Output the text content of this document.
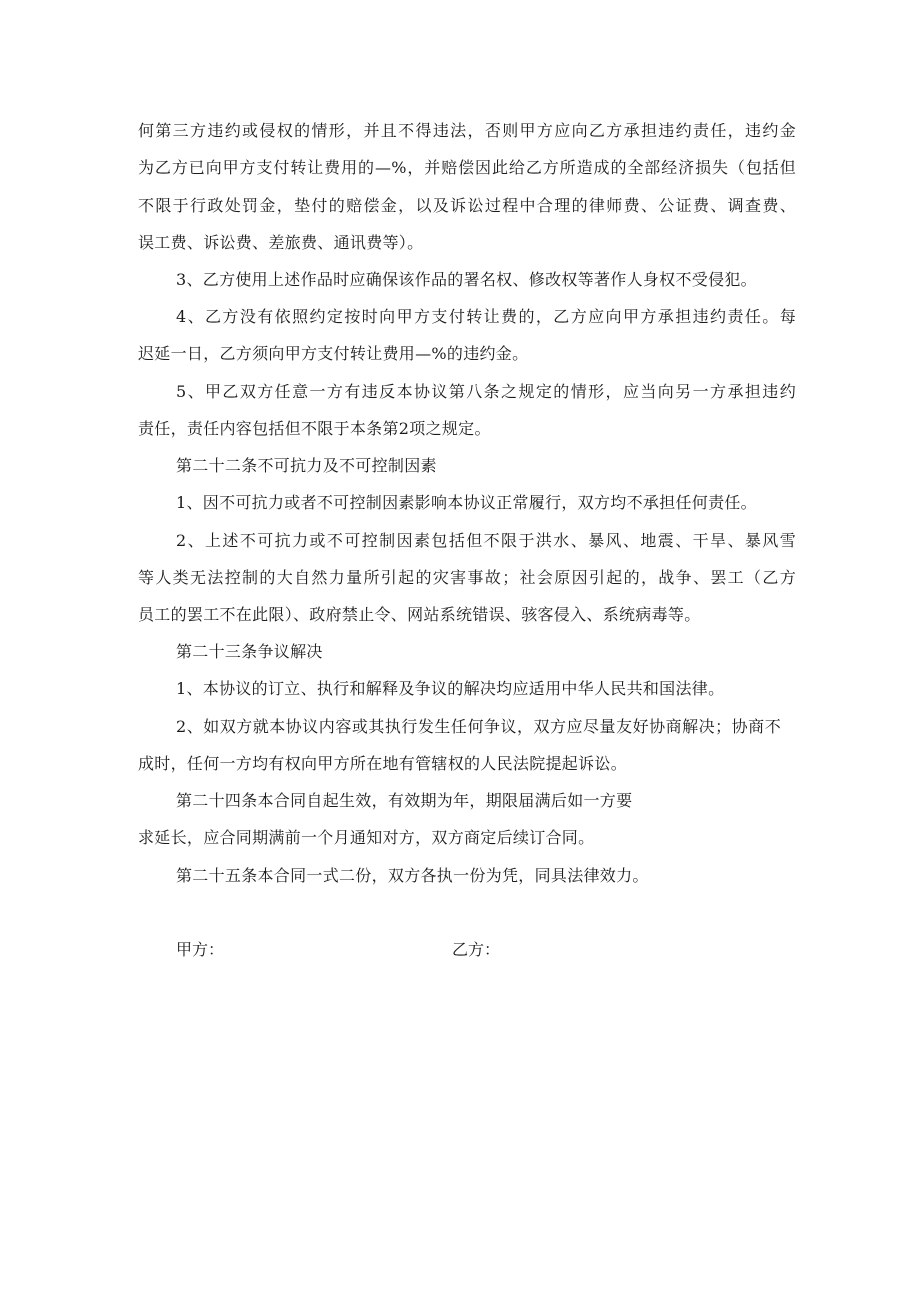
何第三方违约或侵权的情形，并且不得违法，否则甲方应向乙方承担违约责任，违约金
为乙方已向甲方支付转让费用的—%，并赔偿因此给乙方所造成的全部经济损失（包括但
不限于行政处罚金，垫付的赔偿金，以及诉讼过程中合理的律师费、公证费、调查费、
误工费、诉讼费、差旅费、通讯费等）。
3、乙方使用上述作品时应确保该作品的署名权、修改权等著作人身权不受侵犯。
4、乙方没有依照约定按时向甲方支付转让费的，乙方应向甲方承担违约责任。每
迟延一日，乙方须向甲方支付转让费用—%的违约金。
5、甲乙双方任意一方有违反本协议第八条之规定的情形，应当向另一方承担违约
责任，责任内容包括但不限于本条第2项之规定。
第二十二条不可抗力及不可控制因素
1、因不可抗力或者不可控制因素影响本协议正常履行，双方均不承担任何责任。
2、上述不可抗力或不可控制因素包括但不限于洪水、暴风、地震、干旱、暴风雪
等人类无法控制的大自然力量所引起的灾害事故；社会原因引起的，战争、罢工（乙方
员工的罢工不在此限）、政府禁止令、网站系统错误、骇客侵入、系统病毒等。
第二十三条争议解决
1、本协议的订立、执行和解释及争议的解决均应适用中华人民共和国法律。
2、如双方就本协议内容或其执行发生任何争议，双方应尽量友好协商解决；协商不
成时，任何一方均有权向甲方所在地有管辖权的人民法院提起诉讼。
第二十四条本合同自起生效，有效期为年，期限届满后如一方要
求延长，应合同期满前一个月通知对方，双方商定后续订合同。
第二十五条本合同一式二份，双方各执一份为凭，同具法律效力。
甲方：	乙方：
